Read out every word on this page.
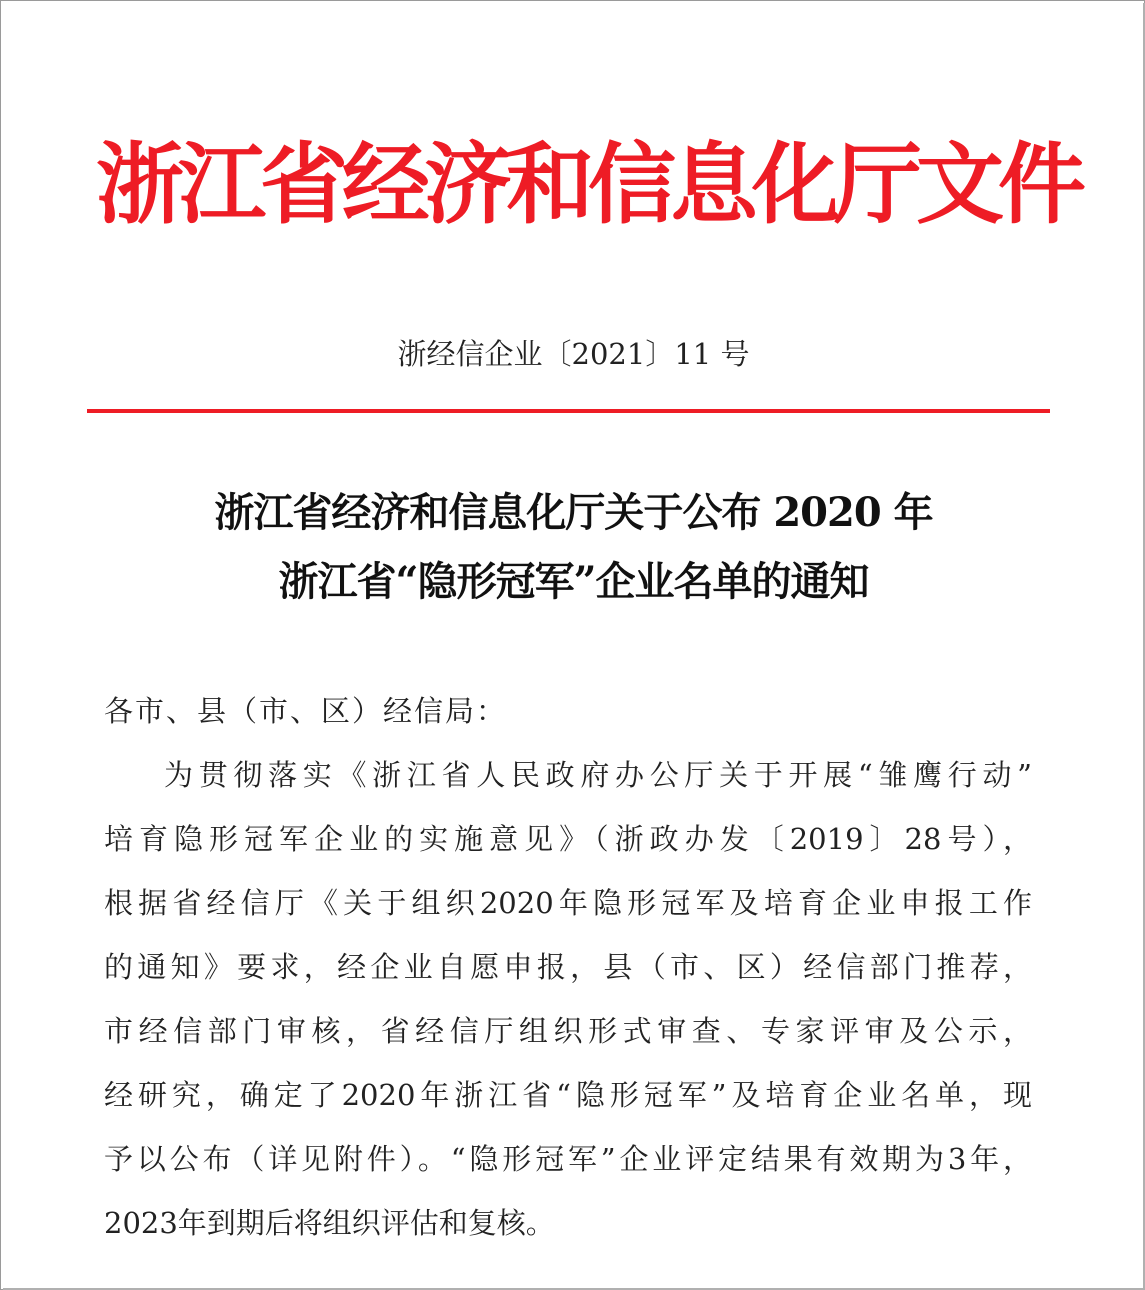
浙江省经济和信息化厅文件
浙经信企业〔2021〕11 号
浙江省经济和信息化厅关于公布 2020 年
浙江省“隐形冠军”企业名单的通知
各市、县（市、区）经信局：
为贯彻落实《浙江省人民政府办公厅关于开展“雏鹰行动”
培育隐形冠军企业的实施意见》（浙政办发〔2019〕28号），
根据省经信厅《关于组织2020年隐形冠军及培育企业申报工作
的通知》要求，经企业自愿申报，县（市、区）经信部门推荐，
市经信部门审核，省经信厅组织形式审查、专家评审及公示，
经研究，确定了2020年浙江省“隐形冠军”及培育企业名单，现
予以公布（详见附件）。“隐形冠军”企业评定结果有效期为3年，
2023年到期后将组织评估和复核。
